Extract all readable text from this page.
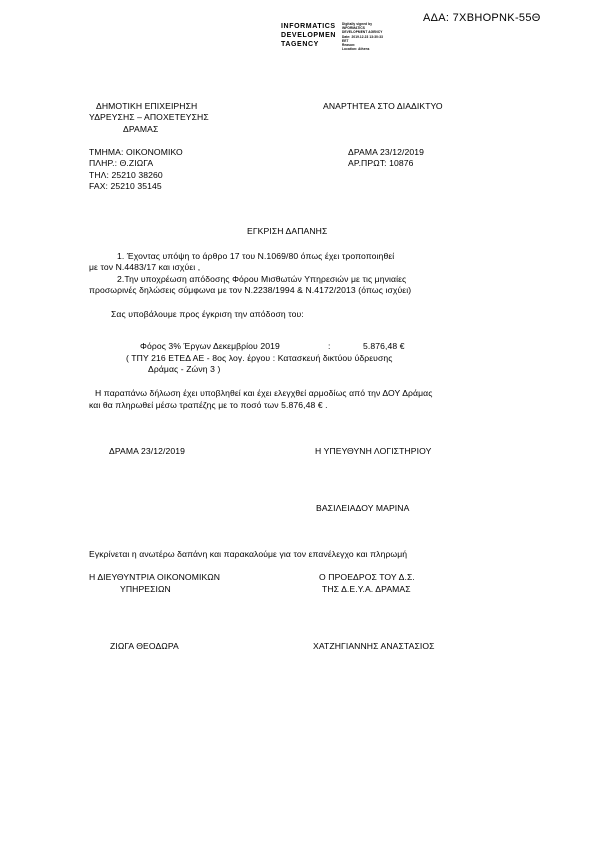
ΑΔΑ: 7ΧΒΗΟΡΝΚ-55Θ
INFORMATICS
DEVELOPMEN
TAGENCY
Digitally signed by
INFORMATICS
DEVELOPMENT AGENCY
Date: 2019.12.23 13:30:33
EET
Reason:
Location: Athens
ΔΗΜΟΤΙΚΗ ΕΠΙΧΕΙΡΗΣΗ
ΥΔΡΕΥΣΗΣ – ΑΠΟΧΕΤΕΥΣΗΣ
ΔΡΑΜΑΣ
ΑΝΑΡΤΗΤΕΑ ΣΤΟ ΔΙΑΔΙΚΤΥΟ
ΤΜΗΜΑ: ΟΙΚΟΝΟΜΙΚΟ
ΠΛΗΡ.: Θ.ΖΙΩΓΑ
ΤΗΛ: 25210 38260
FAX: 25210 35145
ΔΡΑΜΑ 23/12/2019
ΑΡ.ΠΡΩΤ: 10876
ΕΓΚΡΙΣΗ ΔΑΠΑΝΗΣ
1. Έχοντας υπόψη το άρθρο 17 του Ν.1069/80 όπως έχει τροποποιηθεί
με τον Ν.4483/17 και ισχύει ,
2.Την υποχρέωση απόδοσης Φόρου Μισθωτών Υπηρεσιών με τις μηνιαίες
προσωρινές δηλώσεις σύμφωνα με τον Ν.2238/1994 & Ν.4172/2013 (όπως ισχύει)
Σας υποβάλουμε προς έγκριση την απόδοση του:
Φόρος 3% Έργων Δεκεμβρίου 2019	:	5.876,48 €
( ΤΠΥ 216 ΕΤΕΔ ΑΕ - 8ος λογ. έργου : Κατασκευή δικτύου ύδρευσης
Δράμας - Ζώνη 3 )
Η παραπάνω δήλωση έχει υποβληθεί και έχει ελεγχθεί αρμοδίως από την ΔΟΥ Δράμας
και θα πληρωθεί μέσω τραπέζης με το ποσό των 5.876,48 € .
ΔΡΑΜΑ 23/12/2019	Η ΥΠΕΥΘΥΝΗ ΛΟΓΙΣΤΗΡΙΟΥ
ΒΑΣΙΛΕΙΑΔΟΥ ΜΑΡΙΝΑ
Εγκρίνεται η ανωτέρω δαπάνη και παρακαλούμε για τον επανέλεγχο και πληρωμή
Η ΔΙΕΥΘΥΝΤΡΙΑ ΟΙΚΟΝΟΜΙΚΩΝ
ΥΠΗΡΕΣΙΩΝ
Ο ΠΡΟΕΔΡΟΣ ΤΟΥ Δ.Σ.
ΤΗΣ Δ.Ε.Υ.Α. ΔΡΑΜΑΣ
ΖΙΩΓΑ ΘΕΟΔΩΡΑ	ΧΑΤΖΗΓΙΑΝΝΗΣ ΑΝΑΣΤΑΣΙΟΣ
